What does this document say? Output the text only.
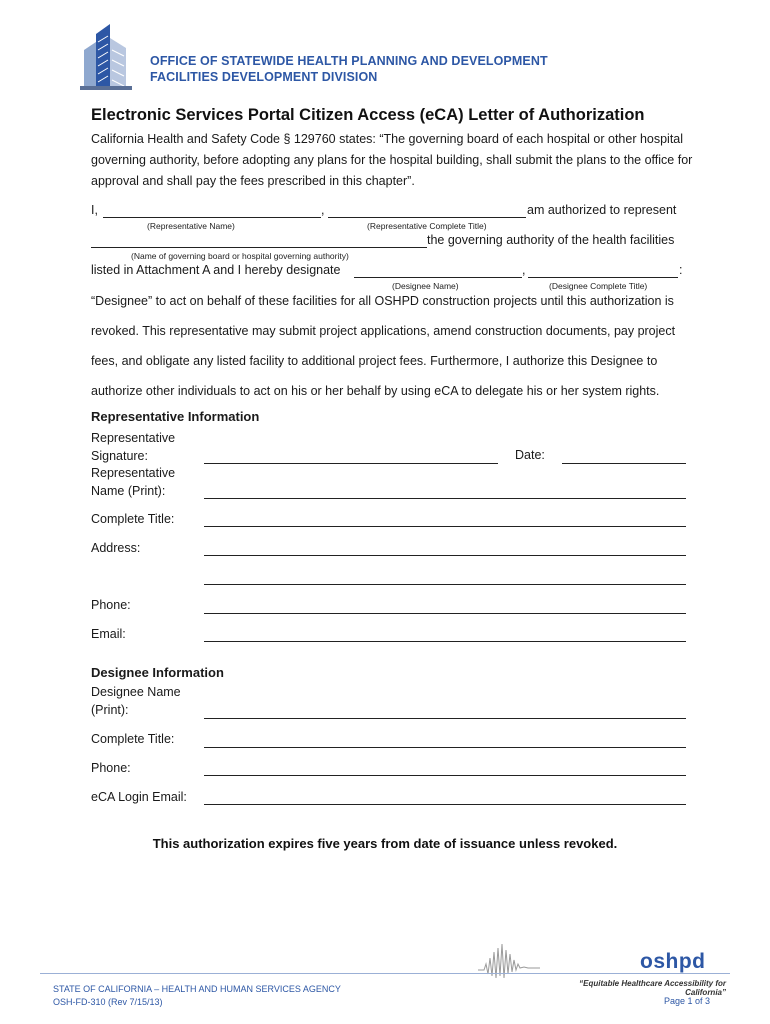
OFFICE OF STATEWIDE HEALTH PLANNING AND DEVELOPMENT
FACILITIES DEVELOPMENT DIVISION
Electronic Services Portal Citizen Access (eCA) Letter of Authorization
California Health and Safety Code § 129760 states: “The governing board of each hospital or other hospital governing authority, before adopting any plans for the hospital building, shall submit the plans to the office for approval and shall pay the fees prescribed in this chapter”.
I,	,	am authorized to represent
(Representative Name)	(Representative Complete Title)
the governing authority of the health facilities
(Name of governing board or hospital governing authority)
listed in Attachment A and I hereby designate	,	:
(Designee Name)	(Designee Complete Title)
“Designee” to act on behalf of these facilities for all OSHPD construction projects until this authorization is revoked. This representative may submit project applications, amend construction documents, pay project fees, and obligate any listed facility to additional project fees. Furthermore, I authorize this Designee to authorize other individuals to act on his or her behalf by using eCA to delegate his or her system rights.
Representative Information
Representative
Signature:	Date:
Representative
Name (Print):
Complete Title:
Address:
Phone:
Email:
Designee Information
Designee Name
(Print):
Complete Title:
Phone:
eCA Login Email:
This authorization expires five years from date of issuance unless revoked.
oshpd
“Equitable Healthcare Accessibility for California”
STATE OF CALIFORNIA – HEALTH AND HUMAN SERVICES AGENCY
OSH-FD-310 (Rev 7/15/13)	Page 1 of 3
